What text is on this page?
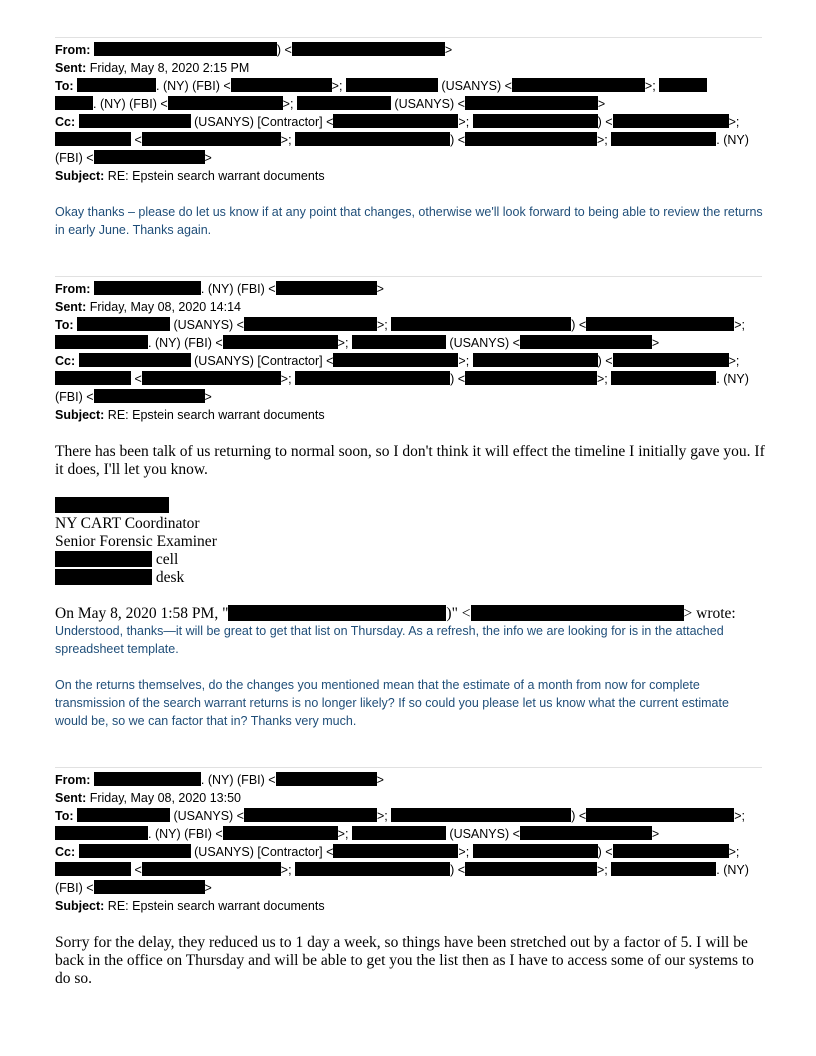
From:	) <	>
Sent: Friday, May 8, 2020 2:15 PM
To:	. (NY) (FBI) <	>;	(USANYS) <	>;
. (NY) (FBI) <	>;	(USANYS) <	>
Cc:	(USANYS) [Contractor] <	>;	) <	>;
<	>;	) <	>;	. (NY)
(FBI) <	>
Subject: RE: Epstein search warrant documents

Okay thanks – please do let us know if at any point that changes, otherwise we'll look forward to being able to review the returns in early June. Thanks again.

From:	. (NY) (FBI) <	>
Sent: Friday, May 08, 2020 14:14
To:	(USANYS) <	>;	) <	>;
. (NY) (FBI) <	>;	(USANYS) <	>
Cc:	(USANYS) [Contractor] <	>;	) <	>;
<	>;	) <	>;	. (NY)
(FBI) <	>
Subject: RE: Epstein search warrant documents

There has been talk of us returning to normal soon, so I don't think it will effect the timeline I initially gave you. If it does, I'll let you know.

NY CART Coordinator
Senior Forensic Examiner
cell
desk
On May 8, 2020 1:58 PM, "	)" <	> wrote:

Understood, thanks—it will be great to get that list on Thursday. As a refresh, the info we are looking for is in the attached spreadsheet template.

On the returns themselves, do the changes you mentioned mean that the estimate of a month from now for complete transmission of the search warrant returns is no longer likely? If so could you please let us know what the current estimate would be, so we can factor that in? Thanks very much.

From:	. (NY) (FBI) <	>
Sent: Friday, May 08, 2020 13:50
To:	(USANYS) <	>;	) <	>;
. (NY) (FBI) <	>;	(USANYS) <	>
Cc:	(USANYS) [Contractor] <	>;	) <	>;
<	>;	) <	>;	. (NY)
(FBI) <	>
Subject: RE: Epstein search warrant documents

Sorry for the delay, they reduced us to 1 day a week, so things have been stretched out by a factor of 5. I will be back in the office on Thursday and will be able to get you the list then as I have to access some of our systems to do so.
